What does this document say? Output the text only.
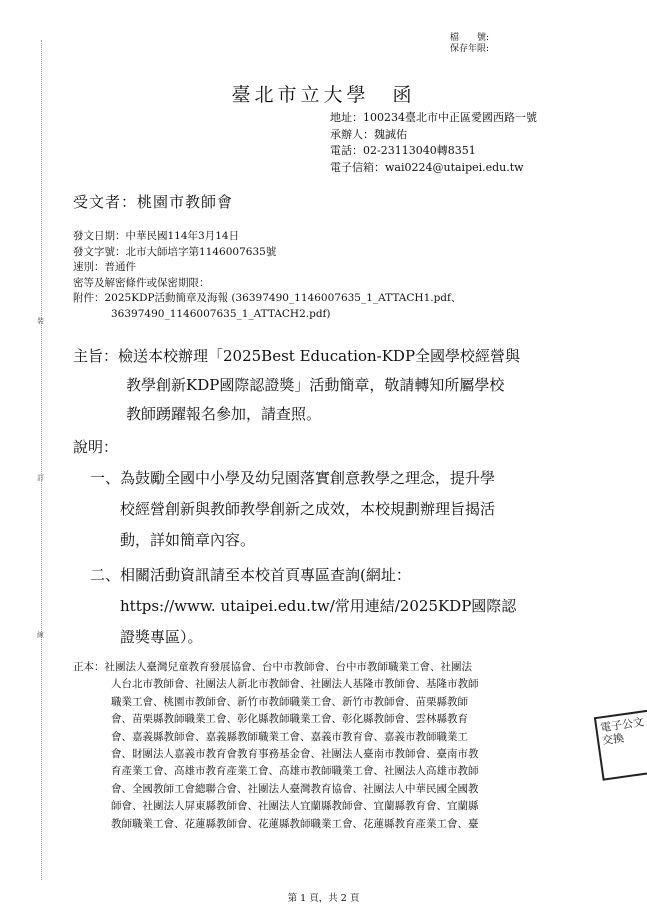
裝
訂
線
檔　　號:
保存年限:
臺北市立大學　函
地址：100234臺北市中正區愛國西路一號
承辦人：魏誠佑
電話：02-23113040轉8351
電子信箱：wai0224@utaipei.edu.tw
受文者：桃園市教師會
發文日期：中華民國114年3月14日
發文字號：北市大師培字第1146007635號
速別：普通件
密等及解密條件或保密期限：
附件：2025KDP活動簡章及海報 (36397490_1146007635_1_ATTACH1.pdf、
36397490_1146007635_1_ATTACH2.pdf)
主旨：檢送本校辦理「2025Best Education-KDP全國學校經營與
教學創新KDP國際認證獎」活動簡章，敬請轉知所屬學校
教師踴躍報名參加，請查照。
說明：
一、為鼓勵全國中小學及幼兒園落實創意教學之理念，提升學
校經營創新與教師教學創新之成效，本校規劃辦理旨揭活
動，詳如簡章內容。
二、相關活動資訊請至本校首頁專區查詢(網址：
https://www. utaipei.edu.tw/常用連結/2025KDP國際認
證獎專區）。
正本：社團法人臺灣兒童教育發展協會、台中市教師會、台中市教師職業工會、社團法
人台北市教師會、社團法人新北市教師會、社團法人基隆市教師會、基隆市教師
職業工會、桃園市教師會、新竹市教師職業工會、新竹市教師會、苗栗縣教師
會、苗栗縣教師職業工會、彰化縣教師職業工會、彰化縣教師會、雲林縣教育
會、嘉義縣教師會、嘉義縣教師職業工會、嘉義市教育會、嘉義市教師職業工
會、財團法人嘉義市教育會教育事務基金會、社團法人臺南市教師會、臺南市教
育產業工會、高雄市教育產業工會、高雄市教師職業工會、社團法人高雄市教師
會、全國教師工會總聯合會、社團法人臺灣教育協會、社團法人中華民國全國教
師會、社團法人屏東縣教師會、社團法人宜蘭縣教師會、宜蘭縣教育會、宜蘭縣
教師職業工會、花蓮縣教師會、花蓮縣教師職業工會、花蓮縣教育產業工會、臺
電子公文交換
第 1 頁，共 2 頁
